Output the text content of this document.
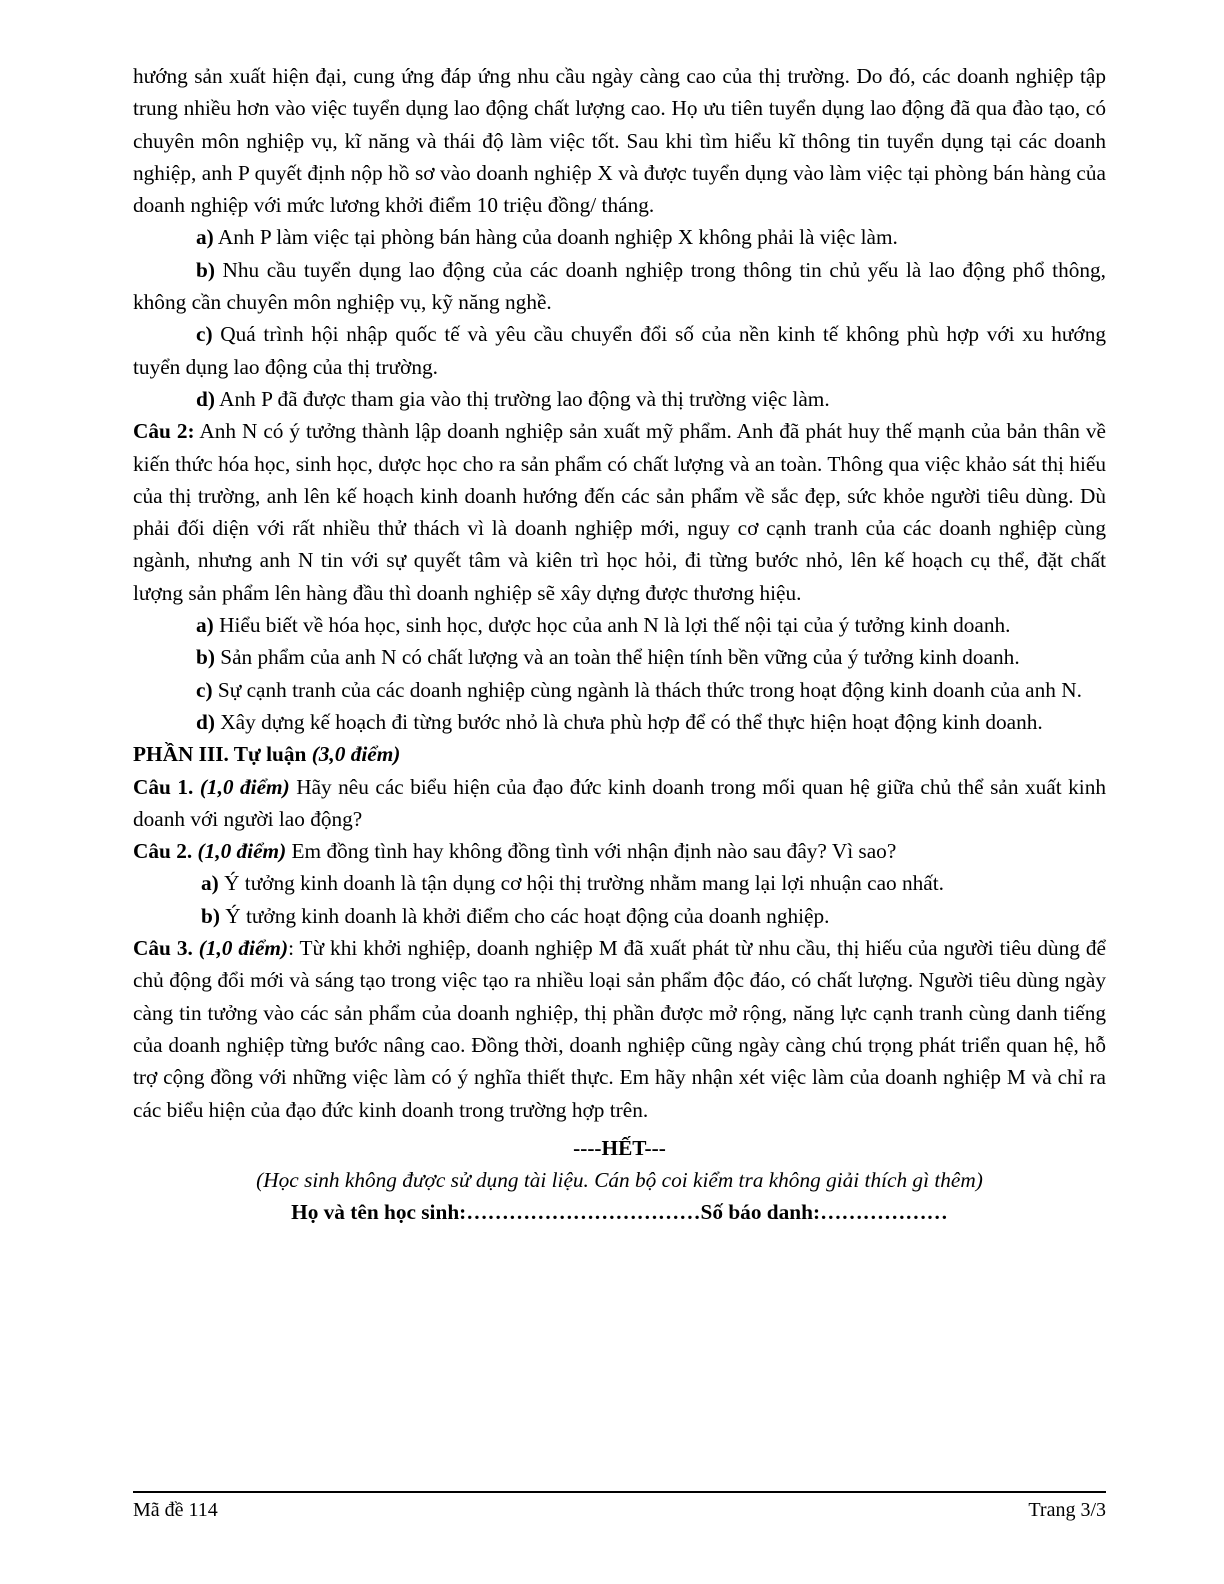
hướng sản xuất hiện đại, cung ứng đáp ứng nhu cầu ngày càng cao của thị trường. Do đó, các doanh nghiệp tập trung nhiều hơn vào việc tuyển dụng lao động chất lượng cao. Họ ưu tiên tuyển dụng lao động đã qua đào tạo, có chuyên môn nghiệp vụ, kĩ năng và thái độ làm việc tốt. Sau khi tìm hiểu kĩ thông tin tuyển dụng tại các doanh nghiệp, anh P quyết định nộp hồ sơ vào doanh nghiệp X và được tuyển dụng vào làm việc tại phòng bán hàng của doanh nghiệp với mức lương khởi điểm 10 triệu đồng/ tháng.

a) Anh P làm việc tại phòng bán hàng của doanh nghiệp X không phải là việc làm.

b) Nhu cầu tuyển dụng lao động của các doanh nghiệp trong thông tin chủ yếu là lao động phổ thông, không cần chuyên môn nghiệp vụ, kỹ năng nghề.

c) Quá trình hội nhập quốc tế và yêu cầu chuyển đổi số của nền kinh tế không phù hợp với xu hướng tuyển dụng lao động của thị trường.

d) Anh P đã được tham gia vào thị trường lao động và thị trường việc làm.

Câu 2: Anh N có ý tưởng thành lập doanh nghiệp sản xuất mỹ phẩm. Anh đã phát huy thế mạnh của bản thân về kiến thức hóa học, sinh học, dược học cho ra sản phẩm có chất lượng và an toàn. Thông qua việc khảo sát thị hiếu của thị trường, anh lên kế hoạch kinh doanh hướng đến các sản phẩm về sắc đẹp, sức khỏe người tiêu dùng. Dù phải đối diện với rất nhiều thử thách vì là doanh nghiệp mới, nguy cơ cạnh tranh của các doanh nghiệp cùng ngành, nhưng anh N tin với sự quyết tâm và kiên trì học hỏi, đi từng bước nhỏ, lên kế hoạch cụ thể, đặt chất lượng sản phẩm lên hàng đầu thì doanh nghiệp sẽ xây dựng được thương hiệu.

a) Hiểu biết về hóa học, sinh học, dược học của anh N là lợi thế nội tại của ý tưởng kinh doanh.

b) Sản phẩm của anh N có chất lượng và an toàn thể hiện tính bền vững của ý tưởng kinh doanh.

c) Sự cạnh tranh của các doanh nghiệp cùng ngành là thách thức trong hoạt động kinh doanh của anh N.

d) Xây dựng kế hoạch đi từng bước nhỏ là chưa phù hợp để có thể thực hiện hoạt động kinh doanh.

PHẦN III. Tự luận (3,0 điểm)

Câu 1. (1,0 điểm) Hãy nêu các biểu hiện của đạo đức kinh doanh trong mối quan hệ giữa chủ thể sản xuất kinh doanh với người lao động?

Câu 2. (1,0 điểm) Em đồng tình hay không đồng tình với nhận định nào sau đây? Vì sao?

a) Ý tưởng kinh doanh là tận dụng cơ hội thị trường nhằm mang lại lợi nhuận cao nhất.

b) Ý tưởng kinh doanh là khởi điểm cho các hoạt động của doanh nghiệp.

Câu 3. (1,0 điểm): Từ khi khởi nghiệp, doanh nghiệp M đã xuất phát từ nhu cầu, thị hiếu của người tiêu dùng để chủ động đổi mới và sáng tạo trong việc tạo ra nhiều loại sản phẩm độc đáo, có chất lượng. Người tiêu dùng ngày càng tin tưởng vào các sản phẩm của doanh nghiệp, thị phần được mở rộng, năng lực cạnh tranh cùng danh tiếng của doanh nghiệp từng bước nâng cao. Đồng thời, doanh nghiệp cũng ngày càng chú trọng phát triển quan hệ, hỗ trợ cộng đồng với những việc làm có ý nghĩa thiết thực. Em hãy nhận xét việc làm của doanh nghiệp M và chỉ ra các biểu hiện của đạo đức kinh doanh trong trường hợp trên.

----HẾT---

(Học sinh không được sử dụng tài liệu. Cán bộ coi kiểm tra không giải thích gì thêm)

Họ và tên học sinh:……………………………Số báo danh:………………

Mã đề 114	Trang 3/3
